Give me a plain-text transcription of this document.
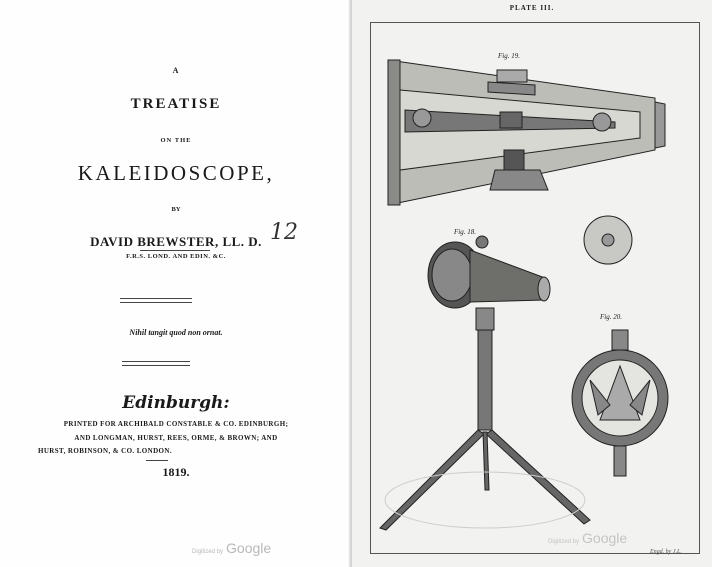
A
TREATISE
ON THE
KALEIDOSCOPE,
BY
DAVID BREWSTER, LL. D.
F.R.S. LOND. AND EDIN. &C.
Nihil tangit quod non ornat.
Edinburgh:
PRINTED FOR ARCHIBALD CONSTABLE & CO. EDINBURGH;
AND LONGMAN, HURST, REES, ORME, & BROWN; AND
HURST, ROBINSON, & CO. LONDON.
1819.
12
Digitized by Google
PLATE III.
Fig. 19.
Fig. 18.
Fig. 20.
Digitized by Google
Engd. by J.L.
